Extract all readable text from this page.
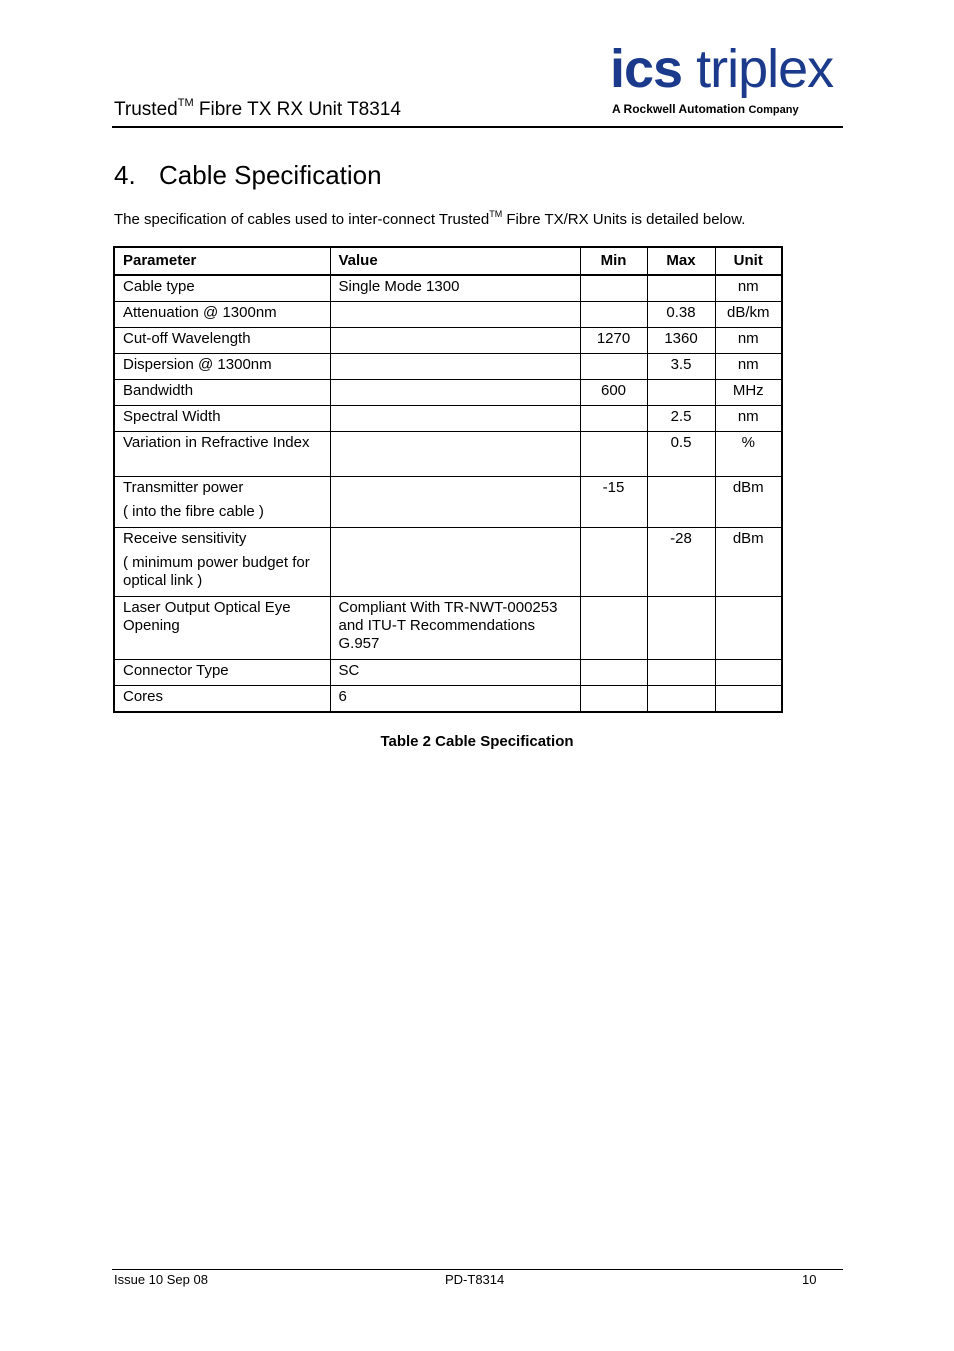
Trusted™ Fibre TX RX Unit T8314
ics triplex
A Rockwell Automation Company
4. Cable Specification
The specification of cables used to inter-connect Trusted™ Fibre TX/RX Units is detailed below.
Parameter	Value	Min	Max	Unit
Cable type	Single Mode 1300			nm
Attenuation @ 1300nm			0.38	dB/km
Cut-off Wavelength		1270	1360	nm
Dispersion @ 1300nm			3.5	nm
Bandwidth		600		MHz
Spectral Width			2.5	nm
Variation in Refractive Index			0.5	%

Transmitter power
( into the fibre cable )		-15		dBm

Receive sensitivity
( minimum power budget for optical link )			-28	dBm
Laser Output Optical Eye Opening	Compliant With TR-NWT-000253 and ITU-T Recommendations G.957			
Connector Type	SC			
Cores	6			
Table 2 Cable Specification
Issue 10 Sep 08	PD-T8314	10
